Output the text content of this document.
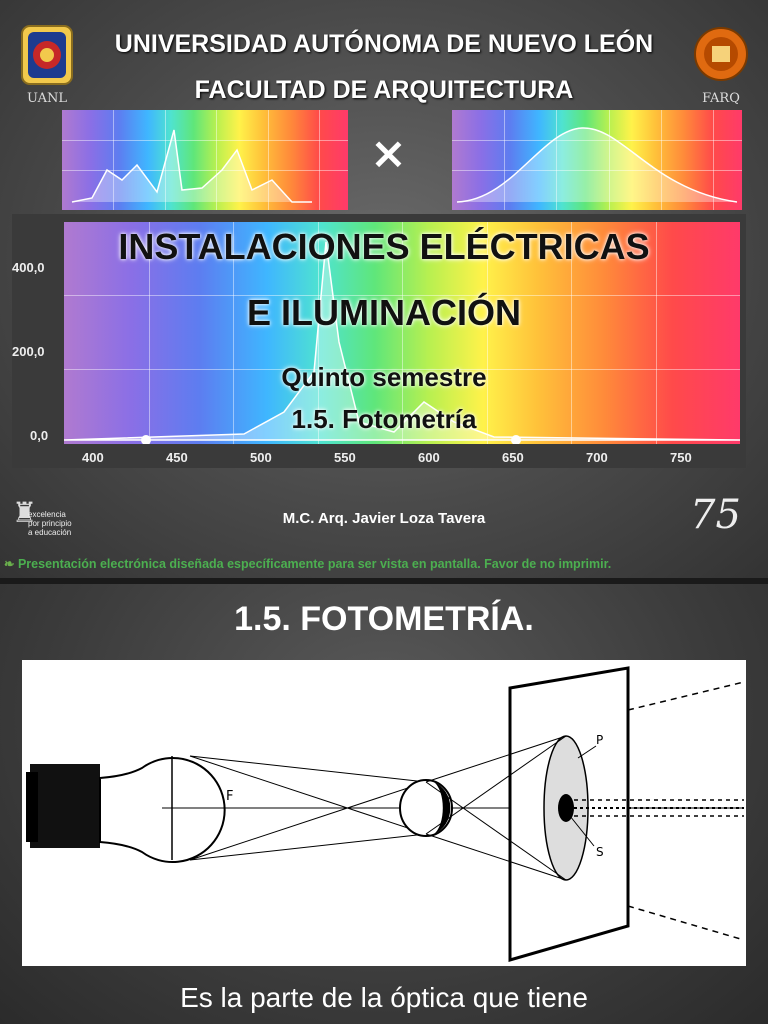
UANL	FARQ
UNIVERSIDAD AUTÓNOMA DE NUEVO LEÓN
FACULTAD DE ARQUITECTURA
×
400,0
200,0
0,0
400	450	500	550	600	650	700	750
INSTALACIONES ELÉCTRICAS
E ILUMINACIÓN
Quinto semestre
1.5. Fotometría
♜
excelencia
por principio
a educación
M.C. Arq. Javier Loza Tavera	75
❧ Presentación electrónica diseñada específicamente para ser vista en pantalla. Favor de no imprimir.
1.5. FOTOMETRÍA.
F
P
S
Es la parte de la óptica que tiene
